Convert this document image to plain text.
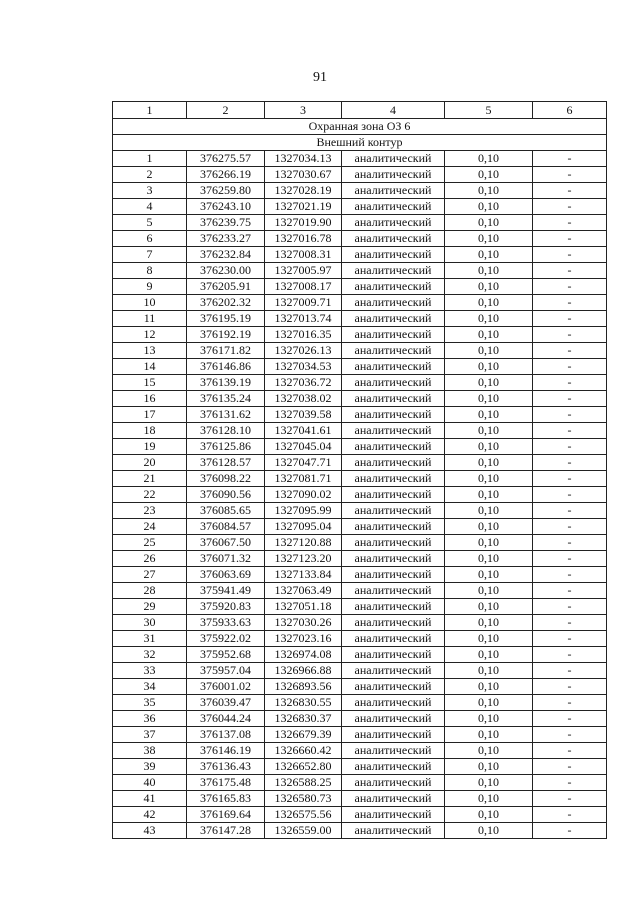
91
1	2	3	4	5	6
Охранная зона ОЗ 6					
Внешний контур					
1	376275.57	1327034.13	аналитический	0,10	-
2	376266.19	1327030.67	аналитический	0,10	-
3	376259.80	1327028.19	аналитический	0,10	-
4	376243.10	1327021.19	аналитический	0,10	-
5	376239.75	1327019.90	аналитический	0,10	-
6	376233.27	1327016.78	аналитический	0,10	-
7	376232.84	1327008.31	аналитический	0,10	-
8	376230.00	1327005.97	аналитический	0,10	-
9	376205.91	1327008.17	аналитический	0,10	-
10	376202.32	1327009.71	аналитический	0,10	-
11	376195.19	1327013.74	аналитический	0,10	-
12	376192.19	1327016.35	аналитический	0,10	-
13	376171.82	1327026.13	аналитический	0,10	-
14	376146.86	1327034.53	аналитический	0,10	-
15	376139.19	1327036.72	аналитический	0,10	-
16	376135.24	1327038.02	аналитический	0,10	-
17	376131.62	1327039.58	аналитический	0,10	-
18	376128.10	1327041.61	аналитический	0,10	-
19	376125.86	1327045.04	аналитический	0,10	-
20	376128.57	1327047.71	аналитический	0,10	-
21	376098.22	1327081.71	аналитический	0,10	-
22	376090.56	1327090.02	аналитический	0,10	-
23	376085.65	1327095.99	аналитический	0,10	-
24	376084.57	1327095.04	аналитический	0,10	-
25	376067.50	1327120.88	аналитический	0,10	-
26	376071.32	1327123.20	аналитический	0,10	-
27	376063.69	1327133.84	аналитический	0,10	-
28	375941.49	1327063.49	аналитический	0,10	-
29	375920.83	1327051.18	аналитический	0,10	-
30	375933.63	1327030.26	аналитический	0,10	-
31	375922.02	1327023.16	аналитический	0,10	-
32	375952.68	1326974.08	аналитический	0,10	-
33	375957.04	1326966.88	аналитический	0,10	-
34	376001.02	1326893.56	аналитический	0,10	-
35	376039.47	1326830.55	аналитический	0,10	-
36	376044.24	1326830.37	аналитический	0,10	-
37	376137.08	1326679.39	аналитический	0,10	-
38	376146.19	1326660.42	аналитический	0,10	-
39	376136.43	1326652.80	аналитический	0,10	-
40	376175.48	1326588.25	аналитический	0,10	-
41	376165.83	1326580.73	аналитический	0,10	-
42	376169.64	1326575.56	аналитический	0,10	-
43	376147.28	1326559.00	аналитический	0,10	-
